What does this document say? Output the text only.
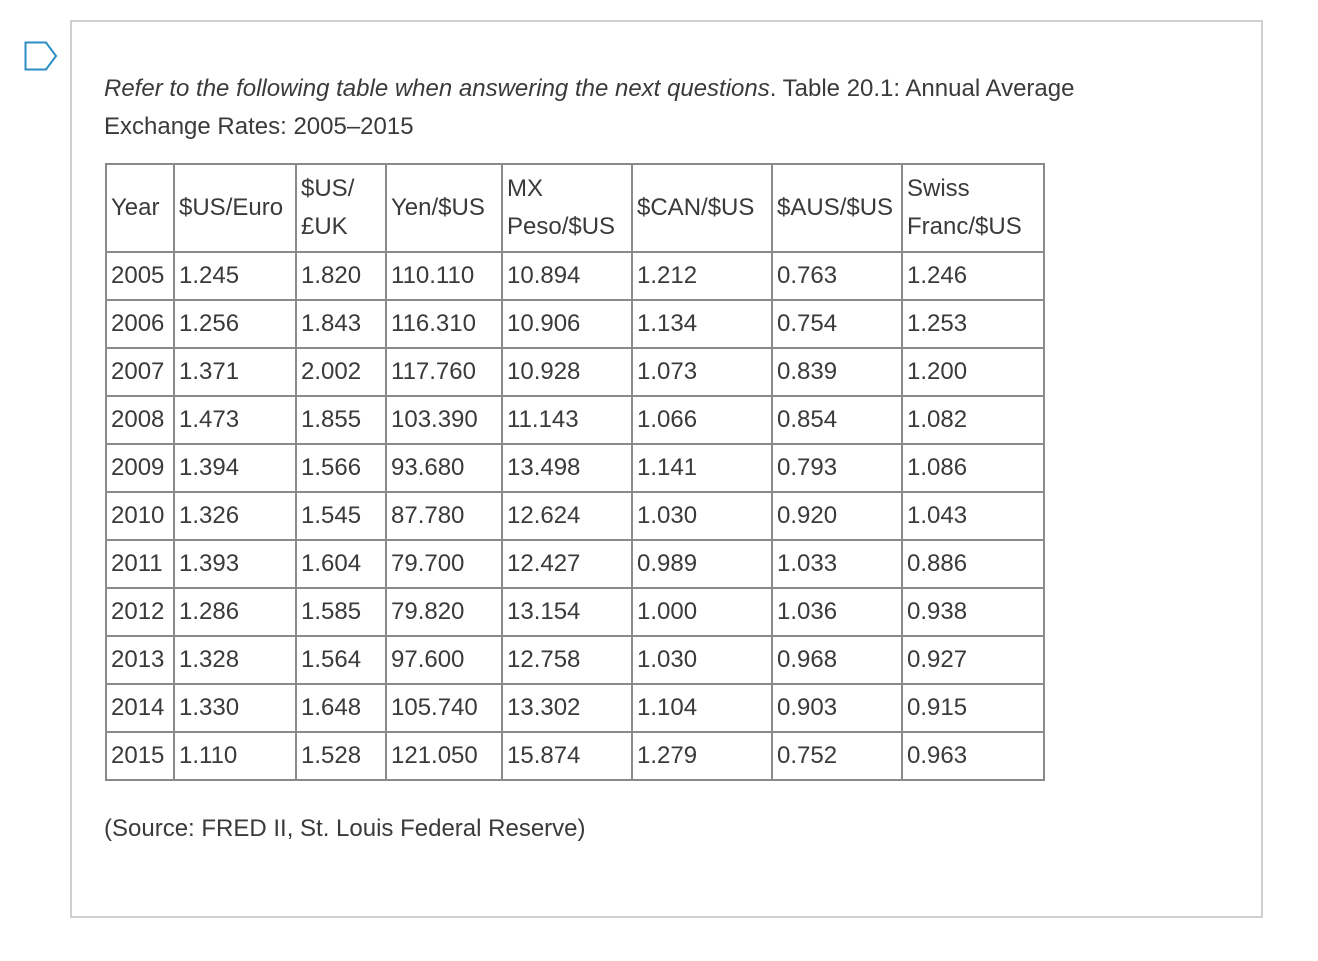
Refer to the following table when answering the next questions. Table 20.1: Annual Average Exchange Rates: 2005–2015

Year	$US/Euro	$US/ £UK	Yen/$US	MX Peso/$US	$CAN/$US	$AUS/$US	Swiss Franc/$US
2005	1.245	1.820	110.110	10.894	1.212	0.763	1.246
2006	1.256	1.843	116.310	10.906	1.134	0.754	1.253
2007	1.371	2.002	117.760	10.928	1.073	0.839	1.200
2008	1.473	1.855	103.390	11.143	1.066	0.854	1.082
2009	1.394	1.566	93.680	13.498	1.141	0.793	1.086
2010	1.326	1.545	87.780	12.624	1.030	0.920	1.043
2011	1.393	1.604	79.700	12.427	0.989	1.033	0.886
2012	1.286	1.585	79.820	13.154	1.000	1.036	0.938
2013	1.328	1.564	97.600	12.758	1.030	0.968	0.927
2014	1.330	1.648	105.740	13.302	1.104	0.903	0.915
2015	1.110	1.528	121.050	15.874	1.279	0.752	0.963

(Source: FRED II, St. Louis Federal Reserve)
